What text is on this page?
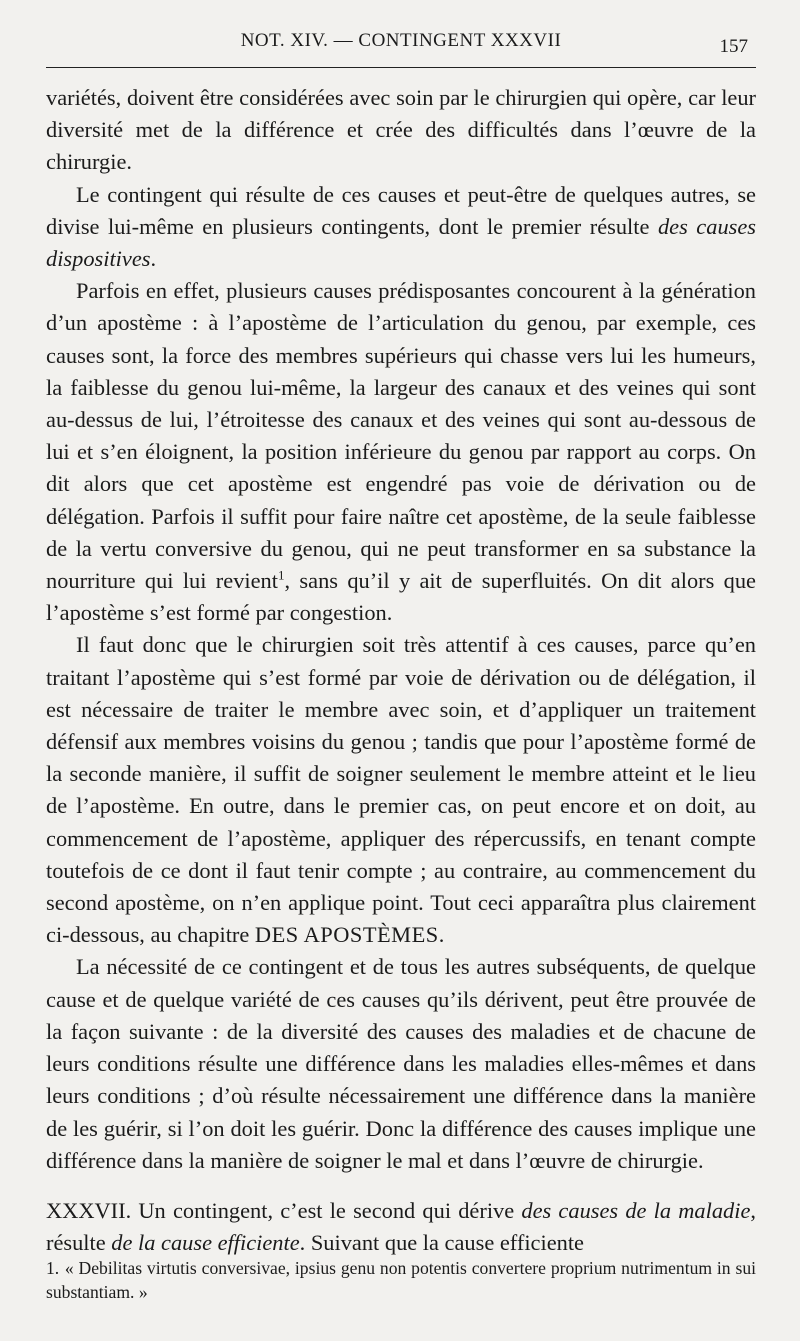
NOT. XIV. — CONTINGENT XXXVII	157

variétés, doivent être considérées avec soin par le chirurgien qui opère, car leur diversité met de la différence et crée des difficultés dans l’œuvre de la chirurgie.

Le contingent qui résulte de ces causes et peut-être de quelques autres, se divise lui-même en plusieurs contingents, dont le premier résulte des causes dispositives.

Parfois en effet, plusieurs causes prédisposantes concourent à la génération d’un apostème : à l’apostème de l’articulation du genou, par exemple, ces causes sont, la force des membres supérieurs qui chasse vers lui les humeurs, la faiblesse du genou lui-même, la largeur des canaux et des veines qui sont au-dessus de lui, l’étroitesse des canaux et des veines qui sont au-dessous de lui et s’en éloignent, la position inférieure du genou par rapport au corps. On dit alors que cet apostème est engendré pas voie de dérivation ou de délégation. Parfois il suffit pour faire naître cet apostème, de la seule faiblesse de la vertu conversive du genou, qui ne peut transformer en sa substance la nourriture qui lui revient$^1$, sans qu’il y ait de superfluités. On dit alors que l’apostème s’est formé par congestion.

Il faut donc que le chirurgien soit très attentif à ces causes, parce qu’en traitant l’apostème qui s’est formé par voie de dérivation ou de délégation, il est nécessaire de traiter le membre avec soin, et d’appliquer un traitement défensif aux membres voisins du genou ; tandis que pour l’apostème formé de la seconde manière, il suffit de soigner seulement le membre atteint et le lieu de l’apostème. En outre, dans le premier cas, on peut encore et on doit, au commencement de l’apostème, appliquer des répercussifs, en tenant compte toutefois de ce dont il faut tenir compte ; au contraire, au commencement du second apostème, on n’en applique point. Tout ceci apparaîtra plus clairement ci-dessous, au chapitre DES APOSTÈMES.

La nécessité de ce contingent et de tous les autres subséquents, de quelque cause et de quelque variété de ces causes qu’ils dérivent, peut être prouvée de la façon suivante : de la diversité des causes des maladies et de chacune de leurs conditions résulte une différence dans les maladies elles-mêmes et dans leurs conditions ; d’où résulte nécessairement une différence dans la manière de les guérir, si l’on doit les guérir. Donc la différence des causes implique une différence dans la manière de soigner le mal et dans l’œuvre de chirurgie.

XXXVII. Un contingent, c’est le second qui dérive des causes de la maladie, résulte de la cause efficiente. Suivant que la cause efficiente

1. « Debilitas virtutis conversivae, ipsius genu non potentis convertere proprium nutrimentum in sui substantiam. »
